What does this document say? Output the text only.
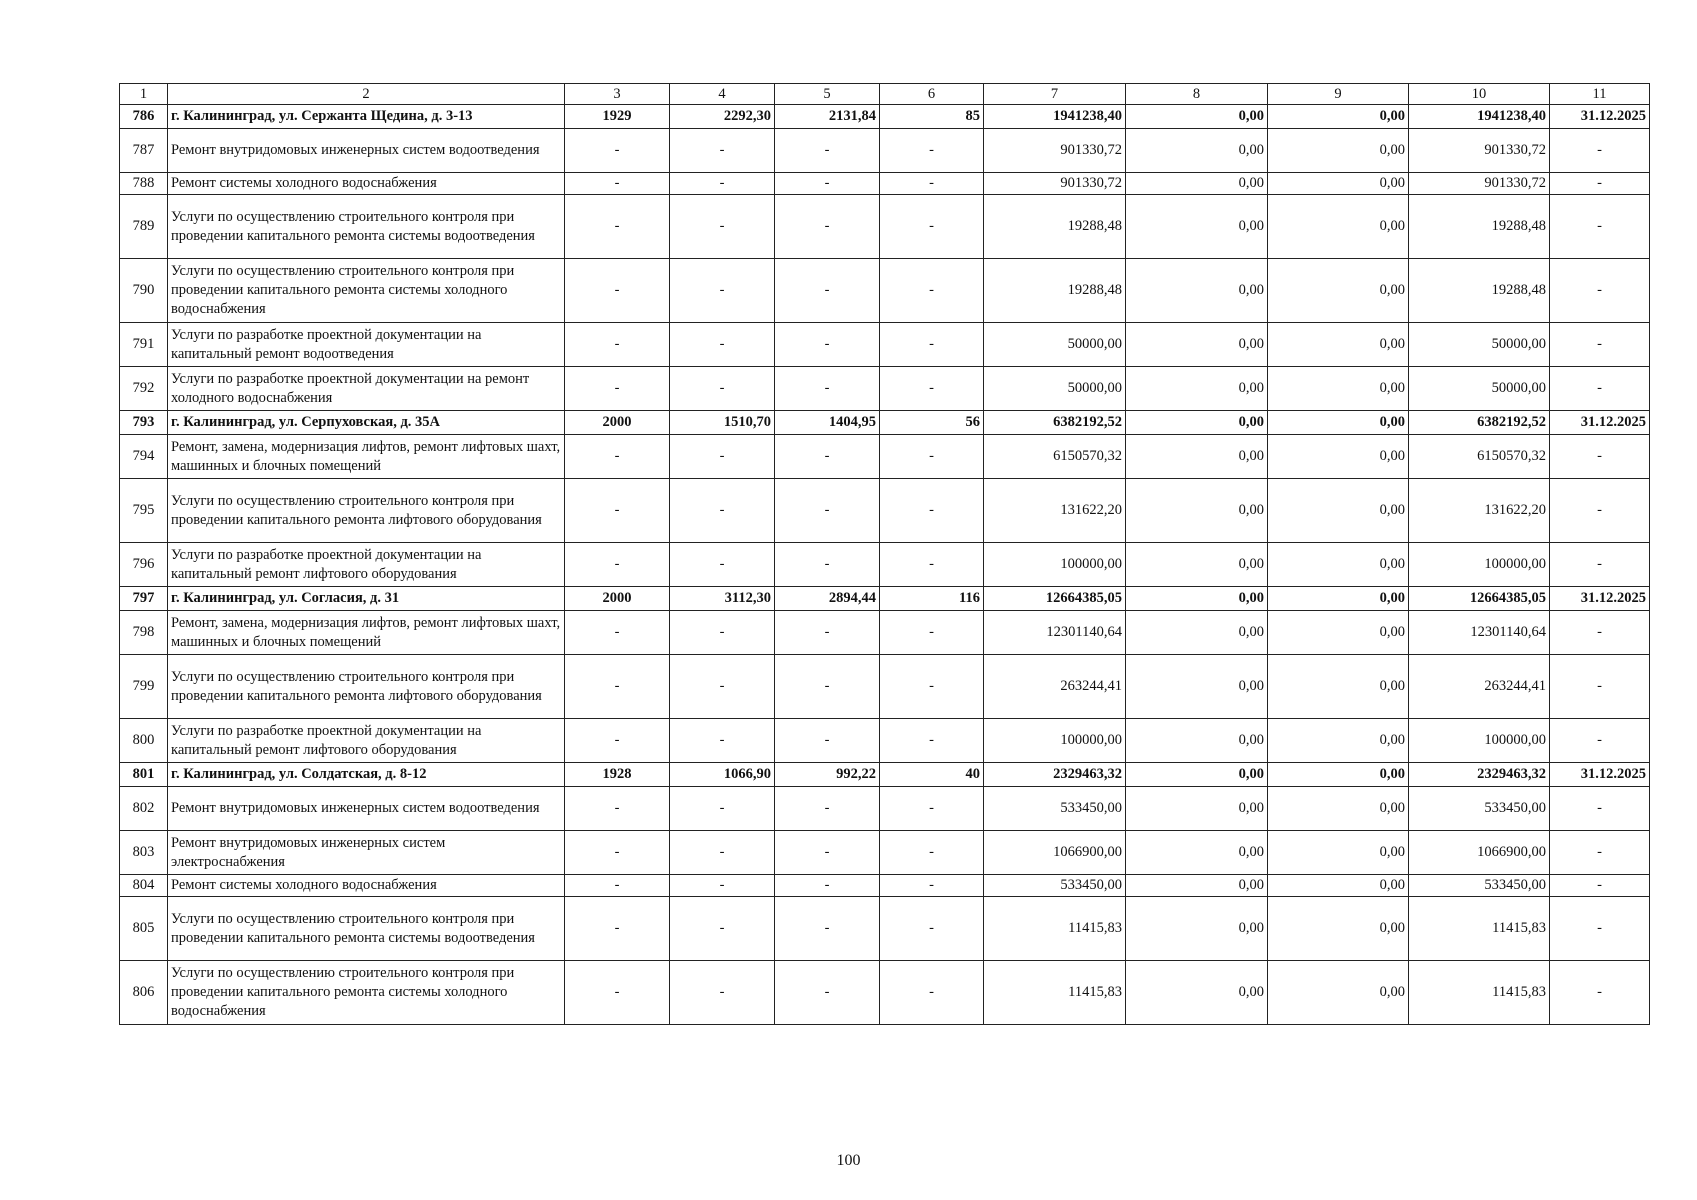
1	2	3	4	5	6	7	8	9	10	11
786	г. Калининград, ул. Сержанта Щедина, д. 3-13	1929	2292,30	2131,84	85	1941238,40	0,00	0,00	1941238,40	31.12.2025
787	Ремонт внутридомовых инженерных систем водоотведения	-	-	-	-	901330,72	0,00	0,00	901330,72	-
788	Ремонт системы холодного водоснабжения	-	-	-	-	901330,72	0,00	0,00	901330,72	-
789	Услуги по осуществлению строительного контроля при проведении капитального ремонта системы водоотведения	-	-	-	-	19288,48	0,00	0,00	19288,48	-
790	Услуги по осуществлению строительного контроля при проведении капитального ремонта системы холодного водоснабжения	-	-	-	-	19288,48	0,00	0,00	19288,48	-
791	Услуги по разработке проектной документации на капитальный ремонт водоотведения	-	-	-	-	50000,00	0,00	0,00	50000,00	-
792	Услуги по разработке проектной документации на ремонт холодного водоснабжения	-	-	-	-	50000,00	0,00	0,00	50000,00	-
793	г. Калининград, ул. Серпуховская, д. 35А	2000	1510,70	1404,95	56	6382192,52	0,00	0,00	6382192,52	31.12.2025
794	Ремонт, замена, модернизация лифтов, ремонт лифтовых шахт, машинных и блочных помещений	-	-	-	-	6150570,32	0,00	0,00	6150570,32	-
795	Услуги по осуществлению строительного контроля при проведении капитального ремонта лифтового оборудования	-	-	-	-	131622,20	0,00	0,00	131622,20	-
796	Услуги по разработке проектной документации на капитальный ремонт лифтового оборудования	-	-	-	-	100000,00	0,00	0,00	100000,00	-
797	г. Калининград, ул. Согласия, д. 31	2000	3112,30	2894,44	116	12664385,05	0,00	0,00	12664385,05	31.12.2025
798	Ремонт, замена, модернизация лифтов, ремонт лифтовых шахт, машинных и блочных помещений	-	-	-	-	12301140,64	0,00	0,00	12301140,64	-
799	Услуги по осуществлению строительного контроля при проведении капитального ремонта лифтового оборудования	-	-	-	-	263244,41	0,00	0,00	263244,41	-
800	Услуги по разработке проектной документации на капитальный ремонт лифтового оборудования	-	-	-	-	100000,00	0,00	0,00	100000,00	-
801	г. Калининград, ул. Солдатская, д. 8-12	1928	1066,90	992,22	40	2329463,32	0,00	0,00	2329463,32	31.12.2025
802	Ремонт внутридомовых инженерных систем водоотведения	-	-	-	-	533450,00	0,00	0,00	533450,00	-
803	Ремонт внутридомовых инженерных систем электроснабжения	-	-	-	-	1066900,00	0,00	0,00	1066900,00	-
804	Ремонт системы холодного водоснабжения	-	-	-	-	533450,00	0,00	0,00	533450,00	-
805	Услуги по осуществлению строительного контроля при проведении капитального ремонта системы водоотведения	-	-	-	-	11415,83	0,00	0,00	11415,83	-
806	Услуги по осуществлению строительного контроля при проведении капитального ремонта системы холодного водоснабжения	-	-	-	-	11415,83	0,00	0,00	11415,83	-
100
